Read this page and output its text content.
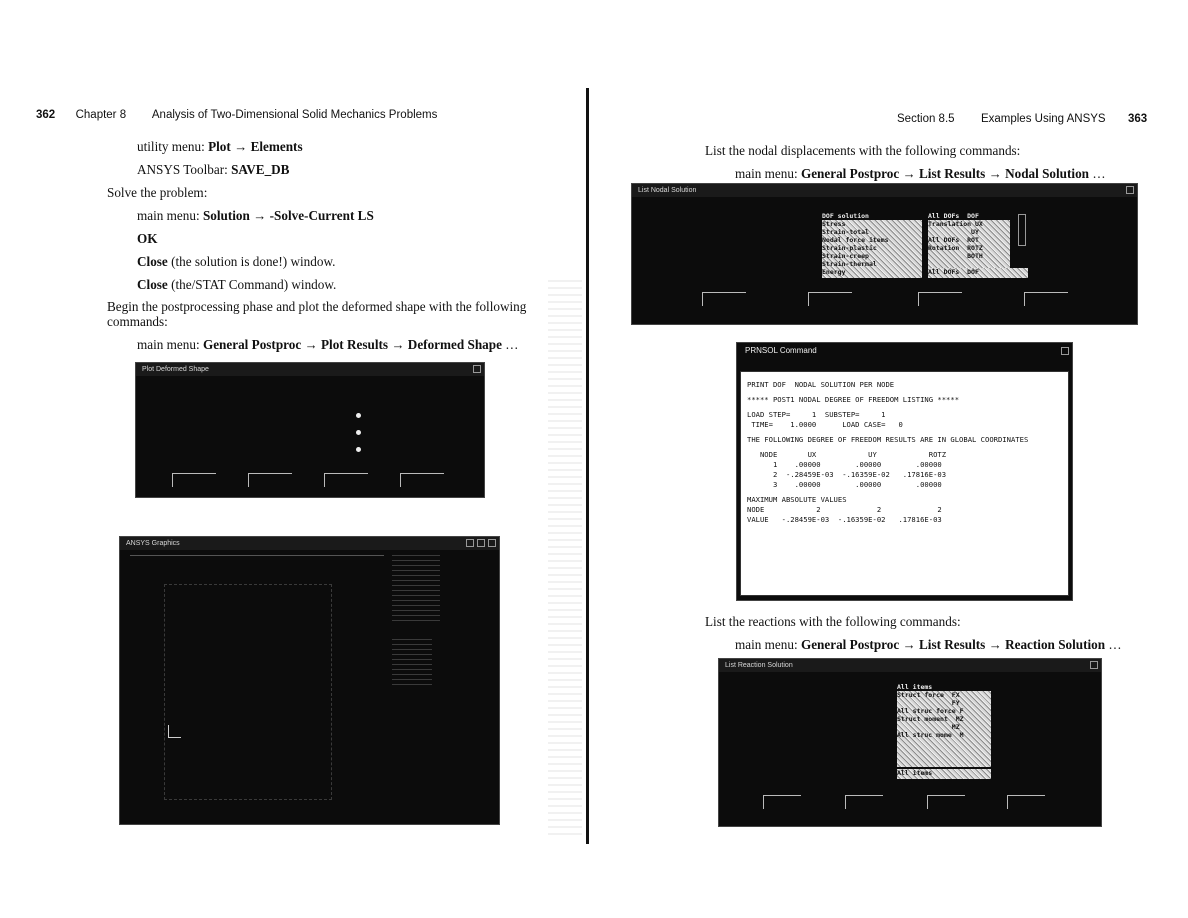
362 Chapter 8 Analysis of Two-Dimensional Solid Mechanics Problems
utility menu: Plot → Elements
ANSYS Toolbar: SAVE_DB
Solve the problem:
main menu: Solution → -Solve-Current LS
OK
Close (the solution is done!) window.
Close (the/STAT Command) window.
Begin the postprocessing phase and plot the deformed shape with the following
commands:
main menu: General Postproc → Plot Results → Deformed Shape …
Plot Deformed Shape
ANSYS Graphics
Section 8.5 Examples Using ANSYS 363
List the nodal displacements with the following commands:
main menu: General Postproc → List Results → Nodal Solution …
List Nodal Solution
DOF solution
Stress
Strain-total
Nodal force items
Strain-plastic
Strain-creep
Strain-thermal
Energy
All DOFs  DOF
Translation UX
UY
All DOFs  ROT
Rotation  ROTZ
BOTH
All DOFs  DOF
PRNSOL Command
PRINT DOF  NODAL SOLUTION PER NODE
***** POST1 NODAL DEGREE OF FREEDOM LISTING *****
LOAD STEP=     1  SUBSTEP=     1
TIME=    1.0000      LOAD CASE=   0
THE FOLLOWING DEGREE OF FREEDOM RESULTS ARE IN GLOBAL COORDINATES
NODE       UX            UY            ROTZ
1    .00000        .00000        .00000
2  -.28459E-03  -.16359E-02   .17816E-03
3    .00000        .00000        .00000
MAXIMUM ABSOLUTE VALUES
NODE            2             2             2
VALUE   -.28459E-03  -.16359E-02   .17816E-03
List the reactions with the following commands:
main menu: General Postproc → List Results → Reaction Solution …
List Reaction Solution
All items
Struct force  FX
FY
All struc force F
Struct moment  MZ
MZ
All struc mome  M
All items
